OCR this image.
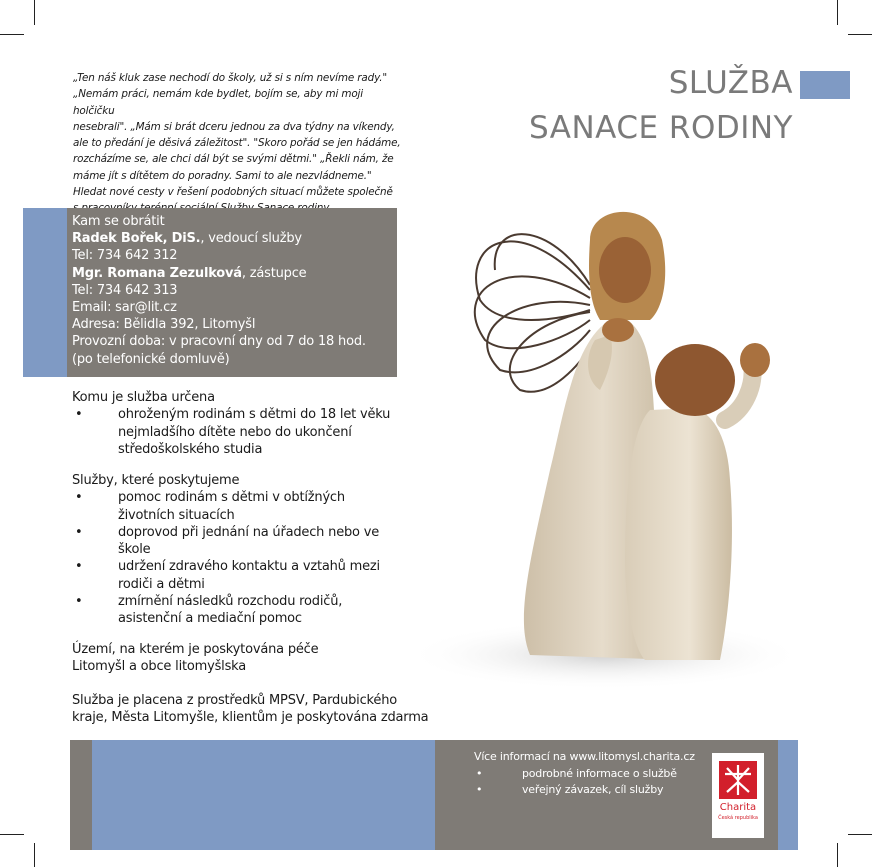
„Ten náš kluk zase nechodí do školy, už si s ním nevíme rady."

„Nemám práci, nemám kde bydlet, bojím se, aby mi moji holčičku

nesebrali". „Mám si brát dceru jednou za dva týdny na víkendy,

ale to předání je děsivá záležitost". "Skoro pořád se jen hádáme,

rozcházíme se, ale chci dál být se svými dětmi." „Řekli nám, že

máme jít s dítětem do poradny. Sami to ale nezvládneme."

Hledat nové cesty v řešení podobných situací můžete společně

SLUŽBA
SANACE RODINY
Kam se obrátit
Radek Bořek, DiS., vedoucí služby
Tel: 734 642 312
Mgr. Romana Zezulková, zástupce
Tel: 734 642 313
Email: sar@lit.cz
Adresa: Bělidla 392, Litomyšl
Provozní doba: v pracovní dny od 7 do 18 hod.
(po telefonické domluvě)
Komu je služba určena
•	ohroženým rodinám s dětmi do 18 let věku nejmladšího dítěte nebo do ukončení středoškolského studia
Služby, které poskytujeme
•	pomoc rodinám s dětmi v obtížných životních situacích
•	doprovod při jednání na úřadech nebo ve škole
•	udržení zdravého kontaktu a vztahů mezi rodiči a dětmi
•	zmírnění následků rozchodu rodičů, asistenční a mediační pomoc
Území, na kterém je poskytována péče
Litomyšl a obce litomyšlska
Služba je placena z prostředků MPSV, Pardubického
kraje, Města Litomyšle, klientům je poskytována zdarma
Více informací na www.litomysl.charita.cz
•	podrobné informace o službě
•	veřejný závazek, cíl služby
Charita
Česká republika
